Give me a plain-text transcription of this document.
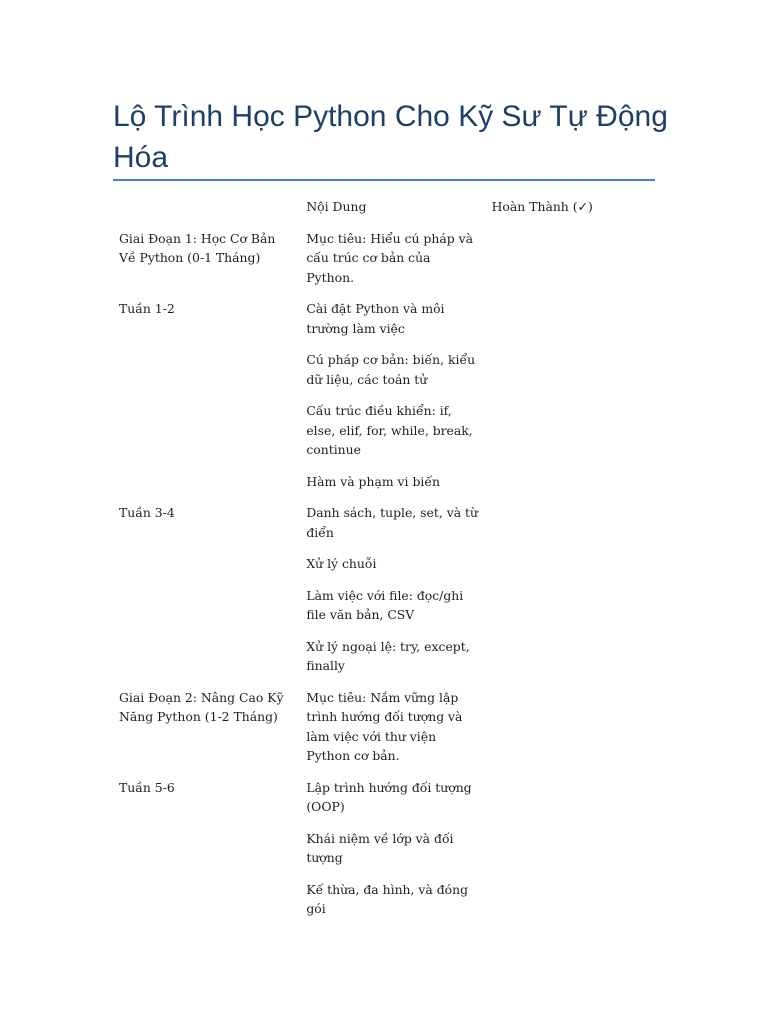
Lộ Trình Học Python Cho Kỹ Sư Tự Động Hóa
	Nội Dung	Hoàn Thành (✓)
Giai Đoạn 1: Học Cơ Bản Về Python (0-1 Tháng)	Mục tiêu: Hiểu cú pháp và cấu trúc cơ bản của Python.	
Tuần 1-2	Cài đặt Python và môi trường làm việc	
	Cú pháp cơ bản: biến, kiểu dữ liệu, các toán tử	
	Cấu trúc điều khiển: if, else, elif, for, while, break, continue	
	Hàm và phạm vi biến	
Tuần 3-4	Danh sách, tuple, set, và từ điển	
	Xử lý chuỗi	
	Làm việc với file: đọc/ghi file văn bản, CSV	
	Xử lý ngoại lệ: try, except, finally	
Giai Đoạn 2: Nâng Cao Kỹ Năng Python (1-2 Tháng)	Mục tiêu: Nắm vững lập trình hướng đối tượng và làm việc với thư viện Python cơ bản.	
Tuần 5-6	Lập trình hướng đối tượng (OOP)	
	Khái niệm về lớp và đối tượng	
	Kế thừa, đa hình, và đóng gói	
